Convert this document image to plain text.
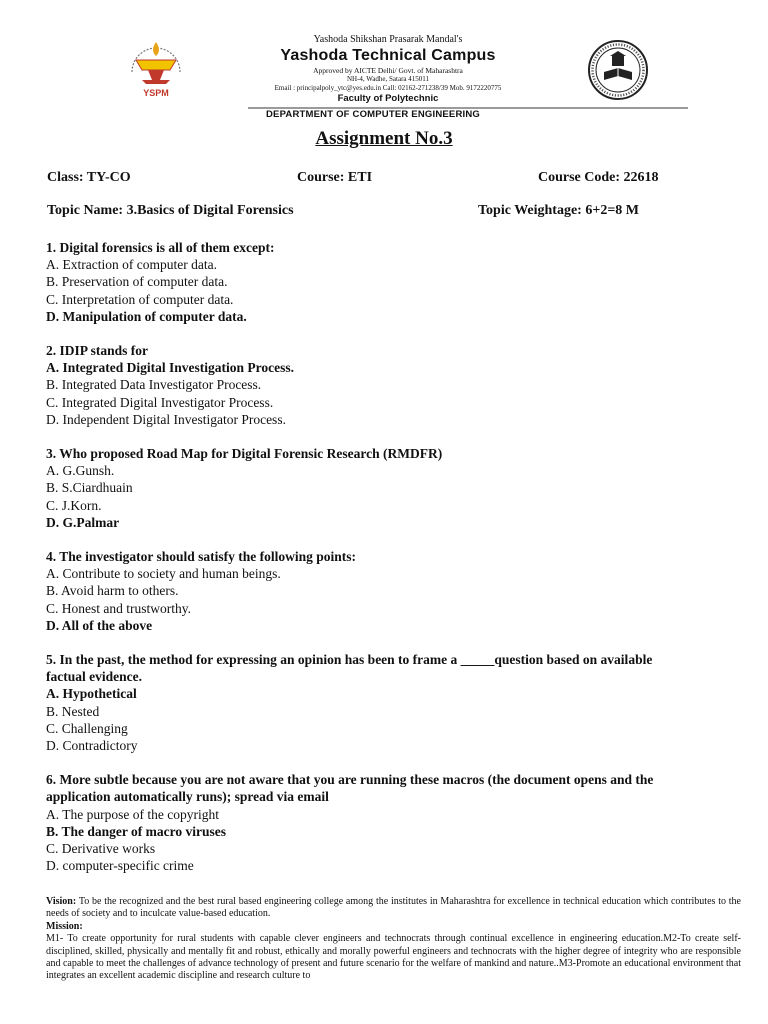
YSPM
Yashoda Shikshan Prasarak Mandal's
Yashoda Technical Campus
Approved by AICTE Delhi/ Govt. of Maharashtra
NH-4, Wadhe, Satara 415011
Email : principalpoly_ytc@yes.edu.in Call: 02162-271238/39 Mob. 9172220775
Faculty of Polytechnic
DEPARTMENT OF COMPUTER ENGINEERING
Assignment No.3
Class: TY-CO	Course: ETI	Course Code: 22618
Topic Name: 3.Basics of Digital Forensics	Topic Weightage: 6+2=8 M
1. Digital forensics is all of them except:
A. Extraction of computer data.
B. Preservation of computer data.
C. Interpretation of computer data.
D. Manipulation of computer data.
2. IDIP stands for
A. Integrated Digital Investigation Process.
B. Integrated Data Investigator Process.
C. Integrated Digital Investigator Process.
D. Independent Digital Investigator Process.
3. Who proposed Road Map for Digital Forensic Research (RMDFR)
A. G.Gunsh.
B. S.Ciardhuain
C. J.Korn.
D. G.Palmar
4. The investigator should satisfy the following points:
A. Contribute to society and human beings.
B. Avoid harm to others.
C. Honest and trustworthy.
D. All of the above
5. In the past, the method for expressing an opinion has been to frame a _____question based on available factual evidence.
A. Hypothetical
B. Nested
C. Challenging
D. Contradictory
6. More subtle because you are not aware that you are running these macros (the document opens and the application automatically runs); spread via email
A. The purpose of the copyright
B. The danger of macro viruses
C. Derivative works
D. computer-specific crime
Vision: To be the recognized and the best rural based engineering college among the institutes in Maharashtra for excellence in technical education which contributes to the needs of society and to inculcate value-based education.
Mission:
M1- To create opportunity for rural students with capable clever engineers and technocrats through continual excellence in engineering education.M2-To create self-disciplined, skilled, physically and mentally fit and robust, ethically and morally powerful engineers and technocrats with the higher degree of integrity who are responsible and capable to meet the challenges of advance technology of present and future scenario for the welfare of mankind and nature..M3-Promote an educational environment that integrates an excellent academic discipline and research culture to
